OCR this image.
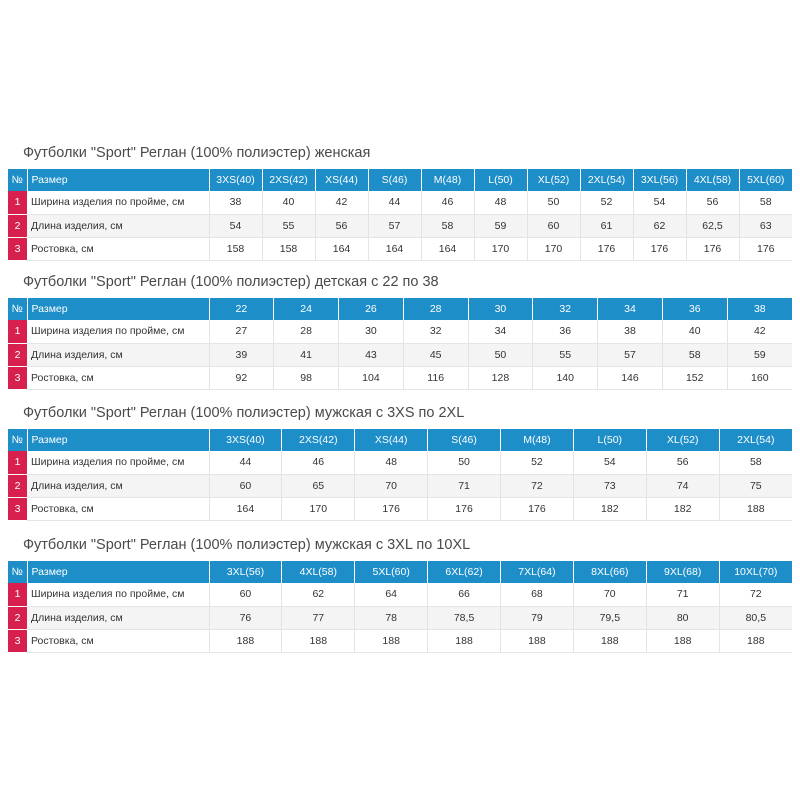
Футболки "Sport" Реглан (100% полиэстер) женская
№	Размер	3XS(40)	2XS(42)	XS(44)	S(46)	M(48)	L(50)	XL(52)	2XL(54)	3XL(56)	4XL(58)	5XL(60)
1	Ширина изделия по пройме, см	38	40	42	44	46	48	50	52	54	56	58
2	Длина изделия, см	54	55	56	57	58	59	60	61	62	62,5	63
3	Ростовка, см	158	158	164	164	164	170	170	176	176	176	176
Футболки "Sport" Реглан (100% полиэстер) детская с 22 по 38
№	Размер	22	24	26	28	30	32	34	36	38
1	Ширина изделия по пройме, см	27	28	30	32	34	36	38	40	42
2	Длина изделия, см	39	41	43	45	50	55	57	58	59
3	Ростовка, см	92	98	104	116	128	140	146	152	160
Футболки "Sport" Реглан (100% полиэстер) мужская с 3XS по 2XL
№	Размер	3XS(40)	2XS(42)	XS(44)	S(46)	M(48)	L(50)	XL(52)	2XL(54)
1	Ширина изделия по пройме, см	44	46	48	50	52	54	56	58
2	Длина изделия, см	60	65	70	71	72	73	74	75
3	Ростовка, см	164	170	176	176	176	182	182	188
Футболки "Sport" Реглан (100% полиэстер) мужская с 3XL по 10XL
№	Размер	3XL(56)	4XL(58)	5XL(60)	6XL(62)	7XL(64)	8XL(66)	9XL(68)	10XL(70)
1	Ширина изделия по пройме, см	60	62	64	66	68	70	71	72
2	Длина изделия, см	76	77	78	78,5	79	79,5	80	80,5
3	Ростовка, см	188	188	188	188	188	188	188	188
